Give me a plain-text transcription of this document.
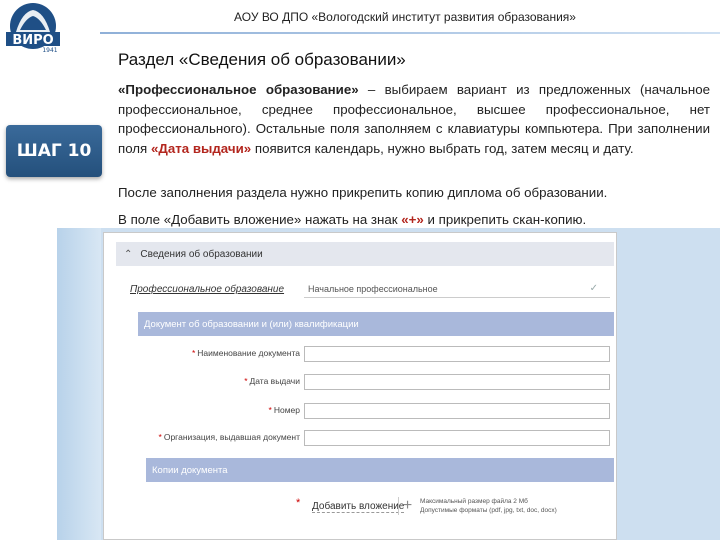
ВИРО
1941
АОУ ВО ДПО «Вологодский институт развития образования»
Раздел «Сведения об образовании»
ШАГ 10
«Профессиональное образование» – выбираем вариант из предложенных (начальное профессиональное, среднее профессиональное, высшее профессиональное, нет профессионального). Остальные поля заполняем с клавиатуры компьютера. При заполнении поля «Дата выдачи» появится календарь, нужно выбрать год, затем месяц и дату.
После заполнения раздела нужно прикрепить копию диплома об образовании.
В поле «Добавить вложение» нажать на знак «+» и прикрепить скан-копию.
⌃ Сведения об образовании
Профессиональное образование	Начальное профессиональное	✓
Документ об образовании и (или) квалификации
* Наименование документа
* Дата выдачи
* Номер
* Организация, выдавшая документ
Копии документа
* Добавить вложение
+	Максимальный размер файла 2 Мб
Допустимые форматы (pdf, jpg, txt, doc, docx)
